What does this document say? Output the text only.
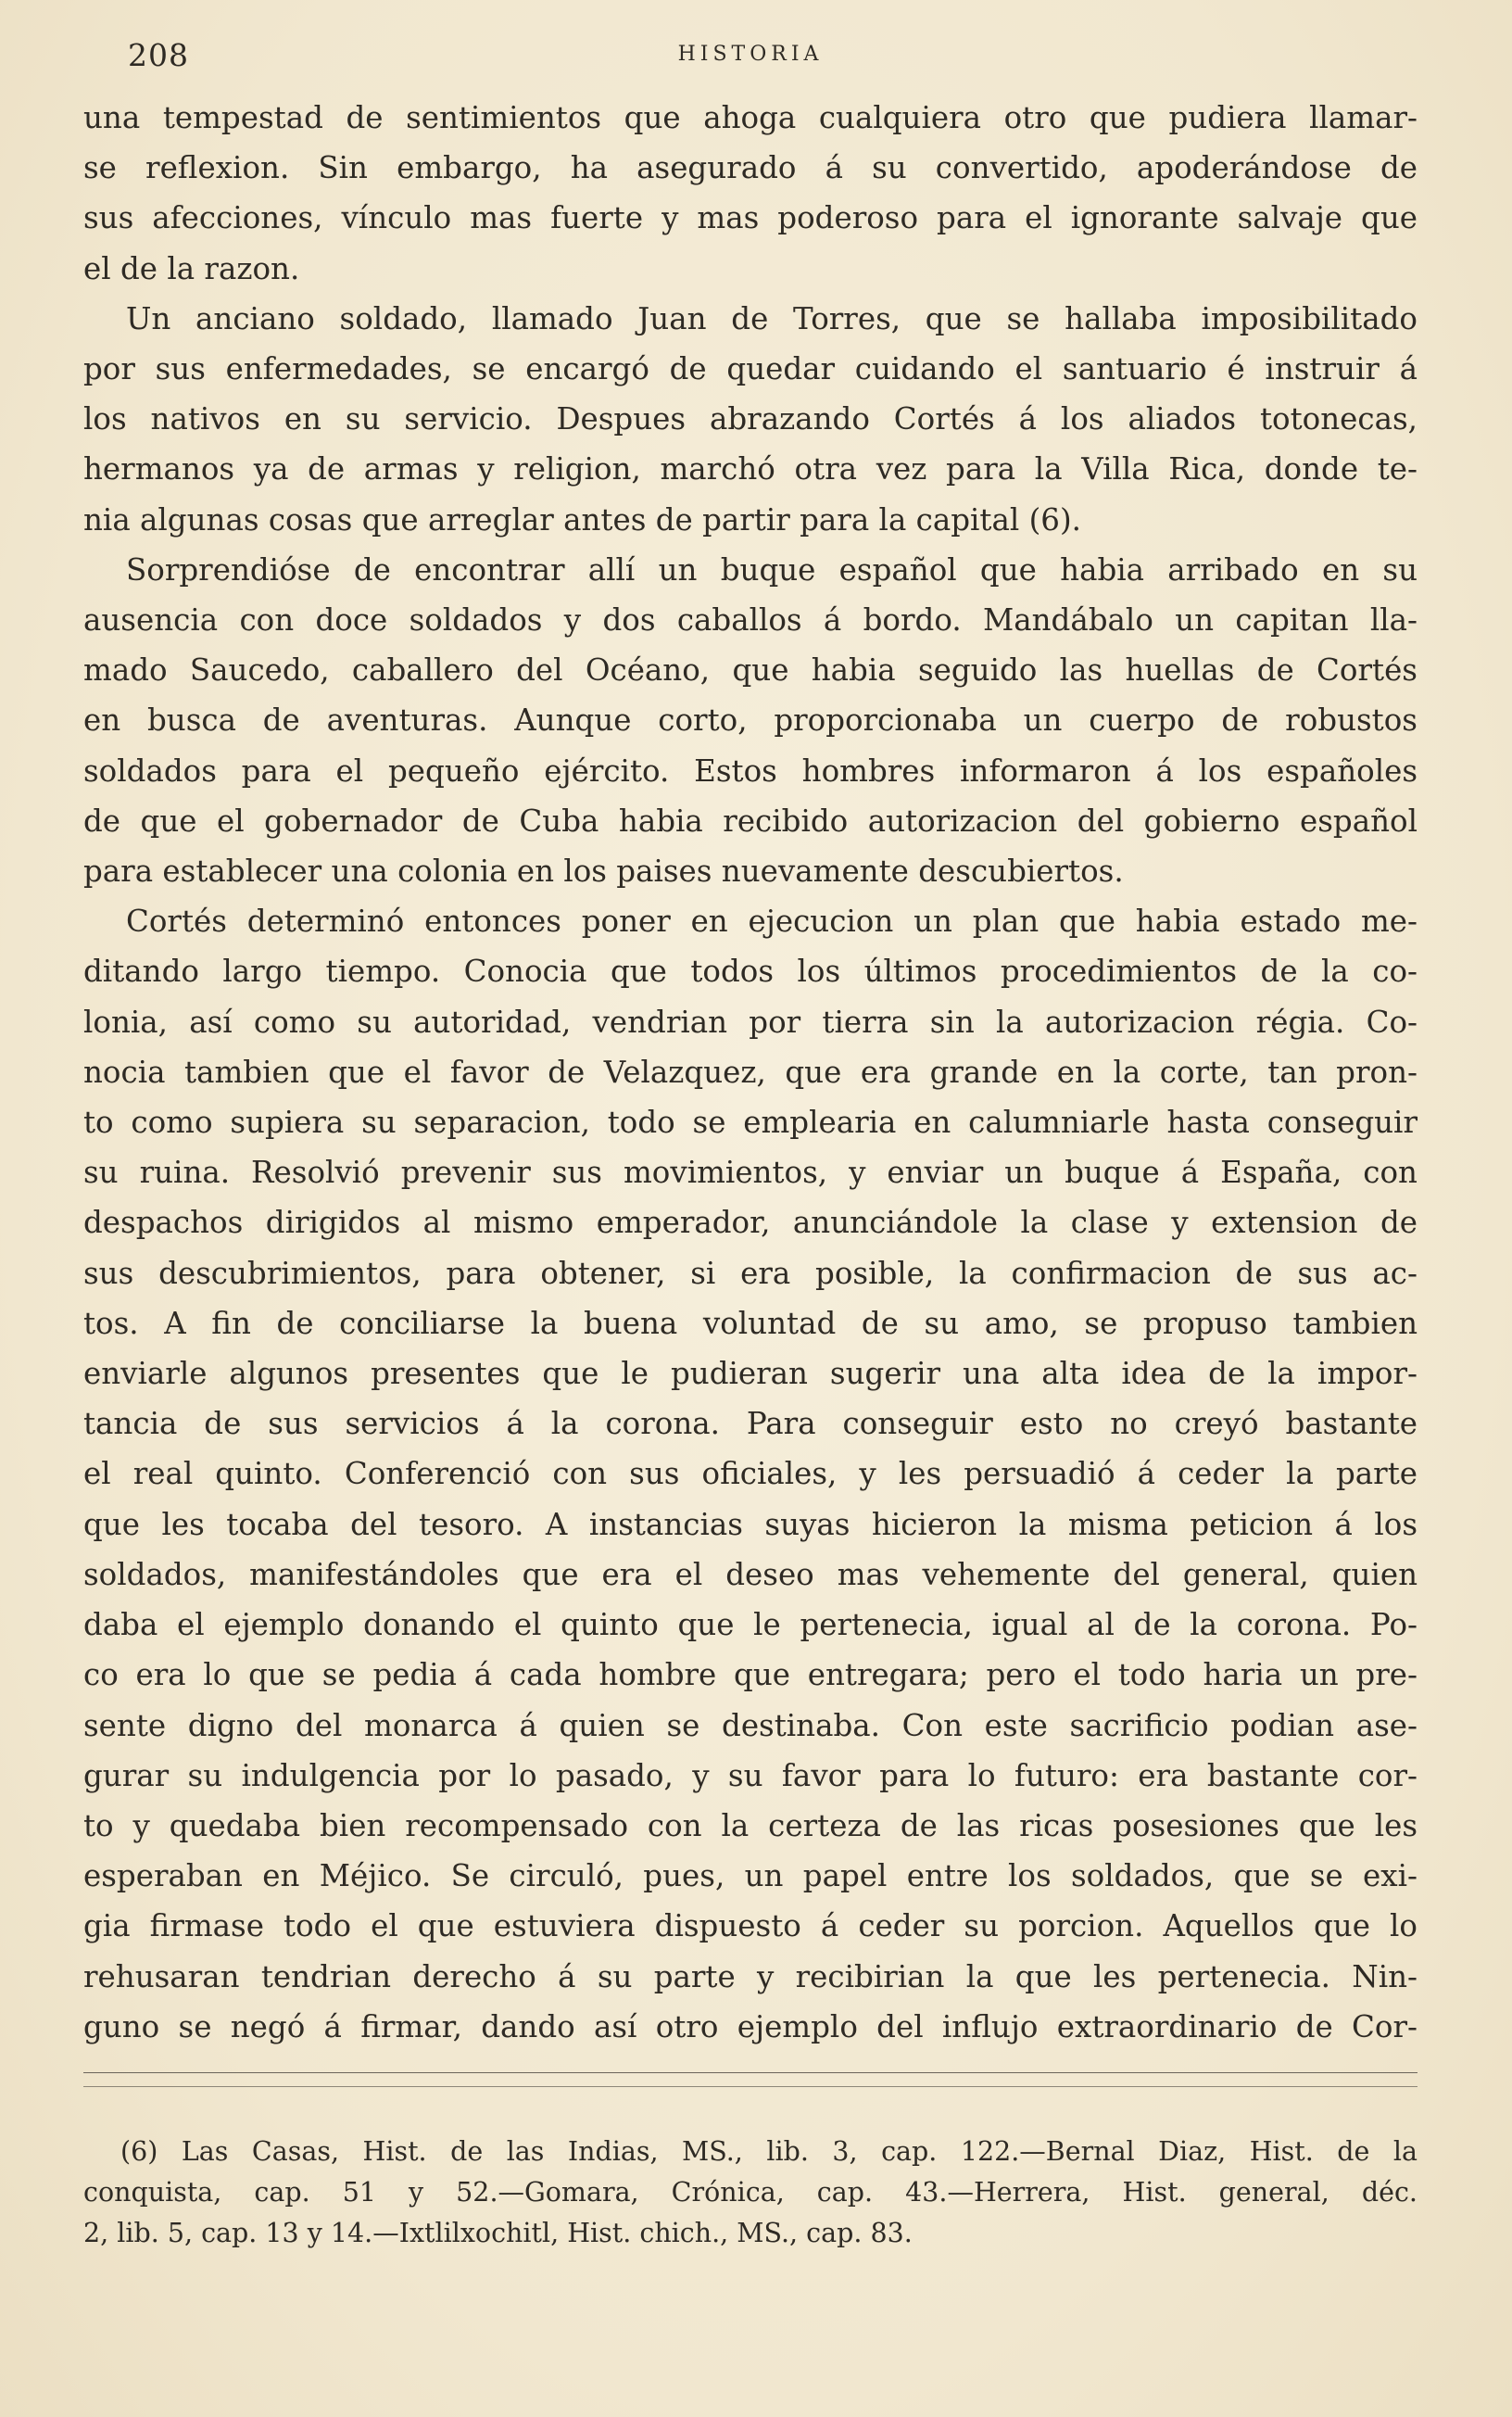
208	HISTORIA

una tempestad de sentimientos que ahoga cualquiera otro que pudiera llamar-
se reflexion. Sin embargo, ha asegurado á su convertido, apoderándose de
sus afecciones, vínculo mas fuerte y mas poderoso para el ignorante salvaje que
el de la razon.

Un anciano soldado, llamado Juan de Torres, que se hallaba imposibilitado
por sus enfermedades, se encargó de quedar cuidando el santuario é instruir á
los nativos en su servicio. Despues abrazando Cortés á los aliados totonecas,
hermanos ya de armas y religion, marchó otra vez para la Villa Rica, donde te-
nia algunas cosas que arreglar antes de partir para la capital (6).

Sorprendióse de encontrar allí un buque español que habia arribado en su
ausencia con doce soldados y dos caballos á bordo. Mandábalo un capitan lla-
mado Saucedo, caballero del Océano, que habia seguido las huellas de Cortés
en busca de aventuras. Aunque corto, proporcionaba un cuerpo de robustos
soldados para el pequeño ejército. Estos hombres informaron á los españoles
de que el gobernador de Cuba habia recibido autorizacion del gobierno español
para establecer una colonia en los paises nuevamente descubiertos.

Cortés determinó entonces poner en ejecucion un plan que habia estado me-
ditando largo tiempo. Conocia que todos los últimos procedimientos de la co-
lonia, así como su autoridad, vendrian por tierra sin la autorizacion régia. Co-
nocia tambien que el favor de Velazquez, que era grande en la corte, tan pron-
to como supiera su separacion, todo se emplearia en calumniarle hasta conseguir
su ruina. Resolvió prevenir sus movimientos, y enviar un buque á España, con
despachos dirigidos al mismo emperador, anunciándole la clase y extension de
sus descubrimientos, para obtener, si era posible, la confirmacion de sus ac-
tos. A fin de conciliarse la buena voluntad de su amo, se propuso tambien
enviarle algunos presentes que le pudieran sugerir una alta idea de la impor-
tancia de sus servicios á la corona. Para conseguir esto no creyó bastante
el real quinto. Conferenció con sus oficiales, y les persuadió á ceder la parte
que les tocaba del tesoro. A instancias suyas hicieron la misma peticion á los
soldados, manifestándoles que era el deseo mas vehemente del general, quien
daba el ejemplo donando el quinto que le pertenecia, igual al de la corona. Po-
co era lo que se pedia á cada hombre que entregara; pero el todo haria un pre-
sente digno del monarca á quien se destinaba. Con este sacrificio podian ase-
gurar su indulgencia por lo pasado, y su favor para lo futuro: era bastante cor-
to y quedaba bien recompensado con la certeza de las ricas posesiones que les
esperaban en Méjico. Se circuló, pues, un papel entre los soldados, que se exi-
gia firmase todo el que estuviera dispuesto á ceder su porcion. Aquellos que lo
rehusaran tendrian derecho á su parte y recibirian la que les pertenecia. Nin-
guno se negó á firmar, dando así otro ejemplo del influjo extraordinario de Cor-

(6) Las Casas, Hist. de las Indias, MS., lib. 3, cap. 122.—Bernal Diaz, Hist. de la
conquista, cap. 51 y 52.—Gomara, Crónica, cap. 43.—Herrera, Hist. general, déc.
2, lib. 5, cap. 13 y 14.—Ixtlilxochitl, Hist. chich., MS., cap. 83.
